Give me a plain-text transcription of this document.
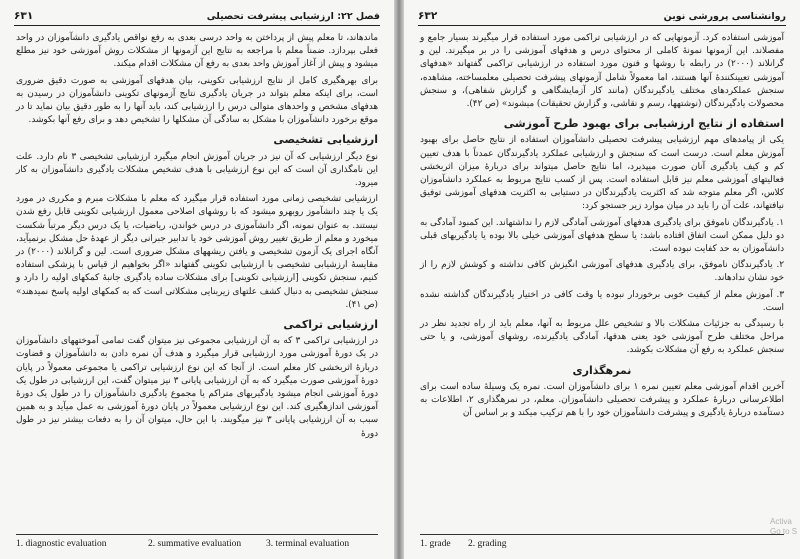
فصل ۲۲: ارزشیابی پیشرفت تحصیلی
۶۳۱

ماندهاند، تا معلم پیش از پرداختن به واحد درسی بعدی به رفع نواقص یادگیری دانشآموزان در واحد فعلی بپردازد. ضمناً معلم با مراجعه به نتایج این آزمونها از مشکلات روش آموزشی خود نیز مطلع میشود و پیش از آغاز آموزش واحد بعدی به رفع آن مشکلات اقدام میکند.

برای بهرهگیری کامل از نتایج ارزشیابی تکوینی، بیان هدفهای آموزشی به صورت دقیق ضروری است، برای اینکه معلم بتواند در جریان یادگیری نتایج آزمونهای تکوینی دانشآموزان در رسیدن به هدفهای مشخص و واحدهای متوالی درس را ارزشیابی کند، باید آنها را به طور دقیق بیان نماید تا در موقع برخورد دانشآموزان با مشکل به سادگی آن مشکلها را تشخیص دهد و برای رفع آنها بکوشد.

ارزشیابی تشخیصی

نوع دیگر ارزشیابی که آن نیز در جریان آموزش انجام میگیرد ارزشیابی تشخیصی ۳ نام دارد. علت این نامگذاری آن است که این نوع ارزشیابی با هدف تشخیص مشکلات یادگیری دانشآموزان به کار میرود.

ارزشیابی تشخیصی زمانی مورد استفاده قرار میگیرد که معلم با مشکلات مبرم و مکرری در مورد یک یا چند دانشآموز روبهرو میشود که با روشهای اصلاحی معمول ارزشیابی تکوینی قابل رفع شدن نیستند. به عنوان نمونه، اگر دانشآموزی در درس خواندن، ریاضیات، یا یک درس دیگر مرتباً شکست میخورد و معلم از طریق تغییر روش آموزشی خود یا تدابیر جبرانی دیگر از عهدهٔ حل مشکل برنمیآید، آنگاه اجرای یک آزمون تشخیصی و یافتن ریشههای مشکل ضروری است. لین و گرانلاند (۲۰۰۰) در مقایسهٔ ارزشیابی تشخیصی با ارزشیابی تکوینی گفتهاند «اگر بخواهیم از قیاس با پزشکی استفاده کنیم، سنجش تکوینی [ارزشیابی تکوینی] برای مشکلات ساده یادگیری جانبهٔ کمکهای اولیه را دارد و سنجش تشخیصی به دنبال کشف علتهای زیربنایی مشکلاتی است که به کمکهای اولیه پاسخ نمیدهند» (ص ۴۱).

ارزشیابی تراکمی

در ارزشیابی تراکمی ۳ که به آن ارزشیابی مجموعی نیز میتوان گفت تمامی آموختههای دانشآموزان در یک دورهٔ آموزشی مورد ارزشیابی قرار میگیرد و هدف آن نمره دادن به دانشآموزان و قضاوت دربارهٔ اثربخشی کار معلم است. از آنجا که این نوع ارزشیابی تراکمی یا مجموعی معمولاً در پایان دورهٔ آموزشی صورت میگیرد که به آن ارزشیابی پایانی ۳ نیز میتوان گفت، این ارزشیابی در طول یک دورهٔ آموزشی انجام میشود یادگیریهای متراکم یا مجموع یادگیری دانشآموزان را در طول یک دورهٔ آموزشی اندازهگیری کند. این نوع ارزشیابی معمولاً در پایان دورهٔ آموزشی به عمل میآید و به همین سبب به آن ارزشیابی پایانی ۳ نیز میگویند. با این حال، میتوان آن را به دفعات بیشتر نیز در طول دورهٔ

1. diagnostic evaluation	2. summative evaluation	3. terminal evaluation
روانشناسی پرورشی نوین
۶۳۲

آموزشی استفاده کرد. آزمونهایی که در ارزشیابی تراکمی مورد استفاده قرار میگیرند بسیار جامع و مفصلاند. این آزمونها نمونهٔ کاملی از محتوای درس و هدفهای آموزشی را در بر میگیرند. لین و گرانلاند (۲۰۰۰) در رابطه با روشها و فنون مورد استفاده در ارزشیابی تراکمی گفتهاند «هدفهای آموزشی تعیینکنندهٔ آنها هستند، اما معمولاً شامل آزمونهای پیشرفت تحصیلی معلمساخته، مشاهده، سنجش عملکردهای مختلف یادگیرندگان (مانند کار آزمایشگاهی و گزارش شفاهی)، و سنجش محصولات یادگیرندگان (نوشتهها، رسم و نقاشی، و گزارش تحقیقات) میشوند» (ص ۴۲).

استفاده از نتایج ارزشیابی برای بهبود طرح آموزشی

یکی از پیامدهای مهم ارزشیابی پیشرفت تحصیلی دانشآموزان استفاده از نتایج حاصل برای بهبود آموزش معلم است. درست است که سنجش و ارزشیابی عملکرد یادگیرندگان عمدتاً با هدف تعیین کم و کیف یادگیری آنان صورت میپذیرد، اما نتایج حاصل میتواند برای دربارهٔ میزان اثربخشی فعالیتهای آموزشی معلم نیز قابل استفاده است. پس از کسب نتایج مربوط به عملکرد دانشآموزان کلاس، اگر معلم متوجه شد که اکثریت یادگیرندگان در دستیابی به اکثریت هدفهای آموزشی توفیق نیافتهاند، علت آن را باید در میان موارد زیر جستجو کرد:

۱. یادگیرندگان ناموفق برای یادگیری هدفهای آموزشی آمادگی لازم را نداشتهاند. این کمبود آمادگی به دو دلیل ممکن است اتفاق افتاده باشد: یا سطح هدفهای آموزشی خیلی بالا بوده یا یادگیریهای قبلی دانشآموزان به حد کفایت نبوده است.

۲. یادگیرندگان ناموفق، برای یادگیری هدفهای آموزشی انگیزش کافی نداشته و کوشش لازم را از خود نشان ندادهاند.

۳. آموزش معلم از کیفیت خوبی برخوردار نبوده یا وقت کافی در اختیار یادگیرندگان گذاشته نشده است.

با رسیدگی به جزئیات مشکلات بالا و تشخیص علل مربوط به آنها، معلم باید از راه تجدید نظر در مراحل مختلف طرح آموزشی خود یعنی هدفها، آمادگی یادگیرنده، روشهای آموزشی، و یا حتی سنجش عملکرد به رفع آن مشکلات بکوشد.

نمرهگذاری

آخرین اقدام آموزشی معلم تعیین نمره ۱ برای دانشآموزان است. نمره یک وسیلهٔ ساده است برای اطلاعرسانی دربارهٔ عملکرد و پیشرفت تحصیلی دانشآموزان. معلم، در نمرهگذاری ۲، اطلاعات به دستآمده دربارهٔ یادگیری و پیشرفت دانشآموزان خود را با هم ترکیب میکند و بر اساس آن

1. grade 2. grading
Activa
Go to S
